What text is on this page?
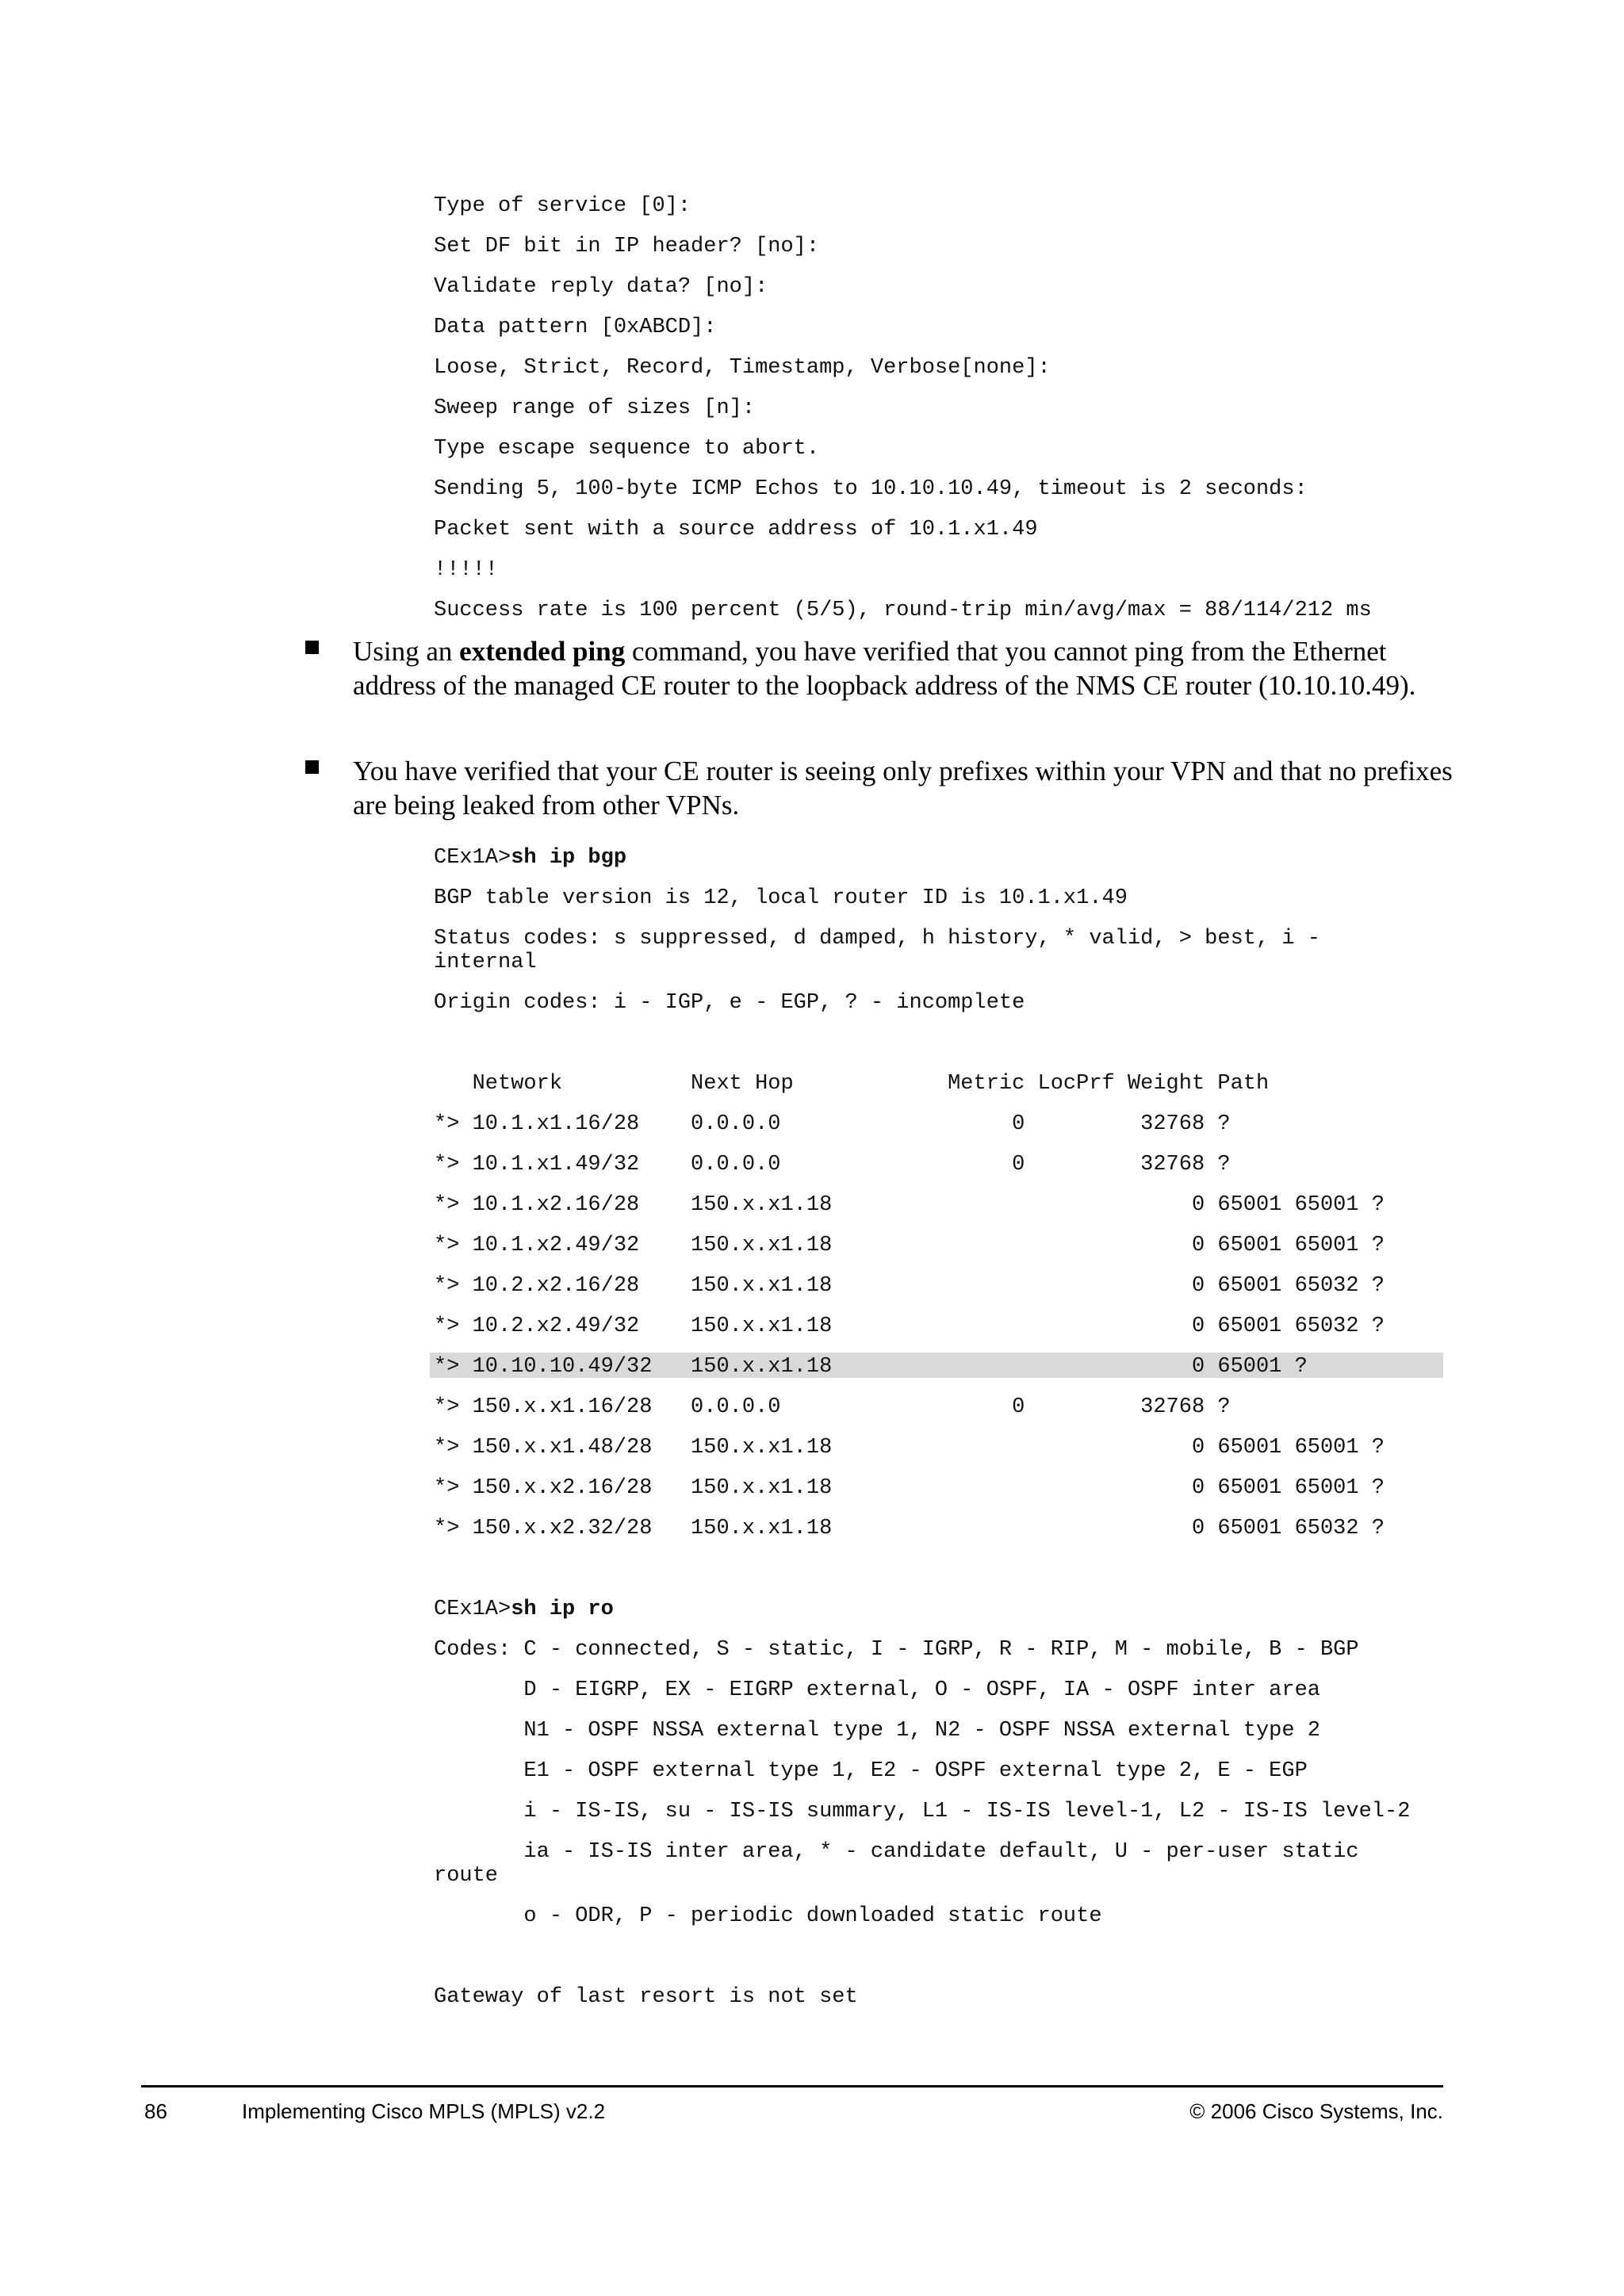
Type of service [0]:

Set DF bit in IP header? [no]:

Validate reply data? [no]:

Data pattern [0xABCD]:

Loose, Strict, Record, Timestamp, Verbose[none]:

Sweep range of sizes [n]:

Type escape sequence to abort.

Sending 5, 100-byte ICMP Echos to 10.10.10.49, timeout is 2 seconds:

Packet sent with a source address of 10.1.x1.49

!!!!!

Success rate is 100 percent (5/5), round-trip min/avg/max = 88/114/212 ms

Using an extended ping command, you have verified that you cannot ping from the Ethernet address of the managed CE router to the loopback address of the NMS CE router (10.10.10.49).
You have verified that your CE router is seeing only prefixes within your VPN and that no prefixes are being leaked from other VPNs.

CEx1A>sh ip bgp

BGP table version is 12, local router ID is 10.1.x1.49

Status codes: s suppressed, d damped, h history, * valid, > best, i -

internal

Origin codes: i - IGP, e - EGP, ? - incomplete

Network          Next Hop            Metric LocPrf Weight Path

*> 10.1.x1.16/28    0.0.0.0                  0         32768 ?

*> 10.1.x1.49/32    0.0.0.0                  0         32768 ?

*> 10.1.x2.16/28    150.x.x1.18                            0 65001 65001 ?

*> 10.1.x2.49/32    150.x.x1.18                            0 65001 65001 ?

*> 10.2.x2.16/28    150.x.x1.18                            0 65001 65032 ?

*> 10.2.x2.49/32    150.x.x1.18                            0 65001 65032 ?

*> 10.10.10.49/32   150.x.x1.18                            0 65001 ?

*> 150.x.x1.16/28   0.0.0.0                  0         32768 ?

*> 150.x.x1.48/28   150.x.x1.18                            0 65001 65001 ?

*> 150.x.x2.16/28   150.x.x1.18                            0 65001 65001 ?

*> 150.x.x2.32/28   150.x.x1.18                            0 65001 65032 ?

CEx1A>sh ip ro

Codes: C - connected, S - static, I - IGRP, R - RIP, M - mobile, B - BGP

D - EIGRP, EX - EIGRP external, O - OSPF, IA - OSPF inter area

N1 - OSPF NSSA external type 1, N2 - OSPF NSSA external type 2

E1 - OSPF external type 1, E2 - OSPF external type 2, E - EGP

i - IS-IS, su - IS-IS summary, L1 - IS-IS level-1, L2 - IS-IS level-2

ia - IS-IS inter area, * - candidate default, U - per-user static

route

o - ODR, P - periodic downloaded static route

Gateway of last resort is not set

86	Implementing Cisco MPLS (MPLS) v2.2	© 2006 Cisco Systems, Inc.
